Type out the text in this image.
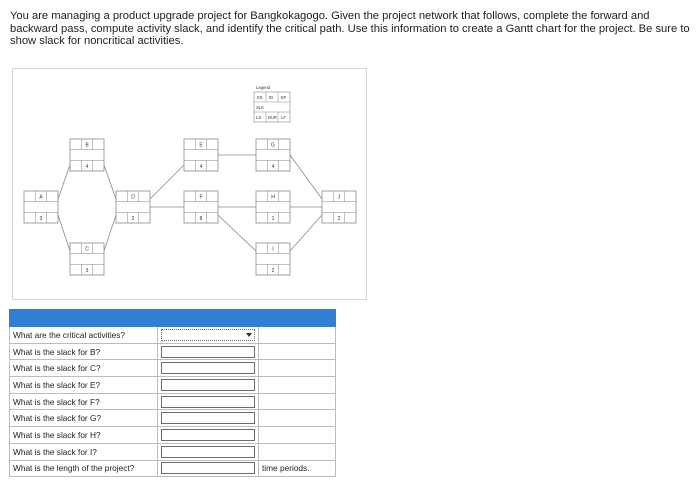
You are managing a product upgrade project for Bangkokagogo. Given the project network that follows, complete the forward and backward pass, compute activity slack, and identify the critical path. Use this information to create a Gantt chart for the project. Be sure to show slack for noncritical activities.
Legend
ES ID EF
SLK
LS DUR LF
A
3
B
4
C
3
D
2
E
4
F
8
G
4
H
1
I
2
J
2

What are the critical activities?	

What is the slack for B?	

What is the slack for C?	

What is the slack for E?	

What is the slack for F?	

What is the slack for G?	

What is the slack for H?	

What is the slack for I?	

What is the length of the project?		time periods.
